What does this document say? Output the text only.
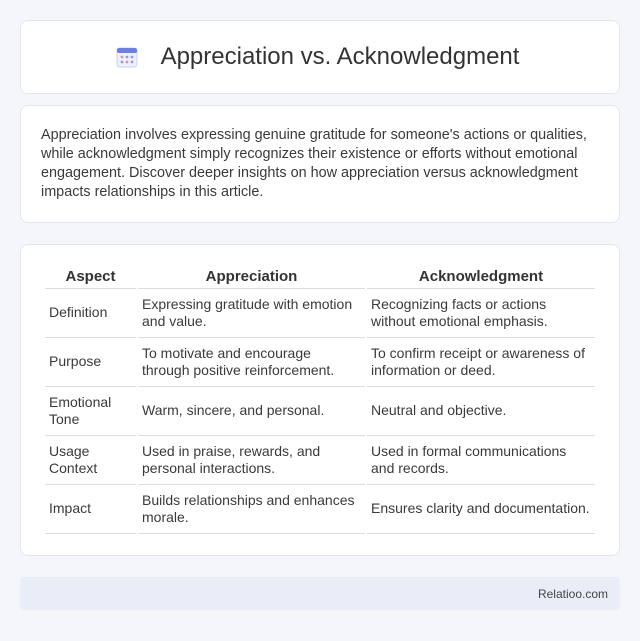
Appreciation vs. Acknowledgment

Appreciation involves expressing genuine gratitude for someone's actions or qualities, while acknowledgment simply recognizes their existence or efforts without emotional engagement. Discover deeper insights on how appreciation versus acknowledgment impacts relationships in this article.

Aspect	Appreciation	Acknowledgment
Definition	Expressing gratitude with emotion and value.	Recognizing facts or actions without emotional emphasis.
Purpose	To motivate and encourage through positive reinforcement.	To confirm receipt or awareness of information or deed.
Emotional Tone	Warm, sincere, and personal.	Neutral and objective.
Usage Context	Used in praise, rewards, and personal interactions.	Used in formal communications and records.
Impact	Builds relationships and enhances morale.	Ensures clarity and documentation.
Relatioo.com
